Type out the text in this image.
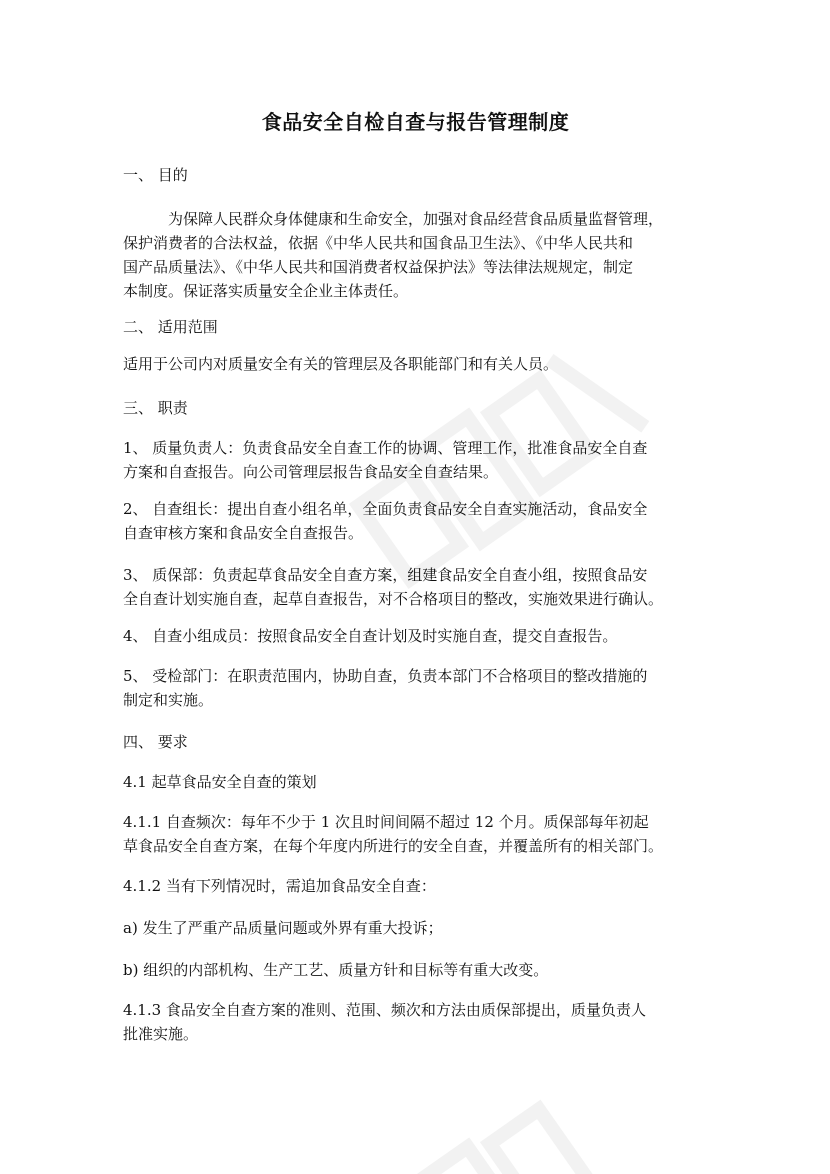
食品安全自检自查与报告管理制度
一、 目的
为保障人民群众身体健康和生命安全，加强对食品经营食品质量监督管理，
保护消费者的合法权益，依据《中华人民共和国食品卫生法》、《中华人民共和
国产品质量法》、《中华人民共和国消费者权益保护法》等法律法规规定，制定
本制度。保证落实质量安全企业主体责任。
二、 适用范围
适用于公司内对质量安全有关的管理层及各职能部门和有关人员。
三、 职责
1、 质量负责人：负责食品安全自查工作的协调、管理工作，批准食品安全自查
方案和自查报告。向公司管理层报告食品安全自查结果。
2、 自查组长：提出自查小组名单，全面负责食品安全自查实施活动，食品安全
自查审核方案和食品安全自查报告。
3、 质保部：负责起草食品安全自查方案，组建食品安全自查小组，按照食品安
全自查计划实施自查，起草自查报告，对不合格项目的整改，实施效果进行确认。
4、 自查小组成员：按照食品安全自查计划及时实施自查，提交自查报告。
5、 受检部门：在职责范围内，协助自查，负责本部门不合格项目的整改措施的
制定和实施。
四、 要求
4.1 起草食品安全自查的策划
4.1.1 自查频次：每年不少于 1 次且时间间隔不超过 12 个月。质保部每年初起
草食品安全自查方案，在每个年度内所进行的安全自查，并覆盖所有的相关部门。
4.1.2 当有下列情况时，需追加食品安全自查：
a) 发生了严重产品质量问题或外界有重大投诉；
b) 组织的内部机构、生产工艺、质量方针和目标等有重大改变。
4.1.3 食品安全自查方案的准则、范围、频次和方法由质保部提出，质量负责人
批准实施。
